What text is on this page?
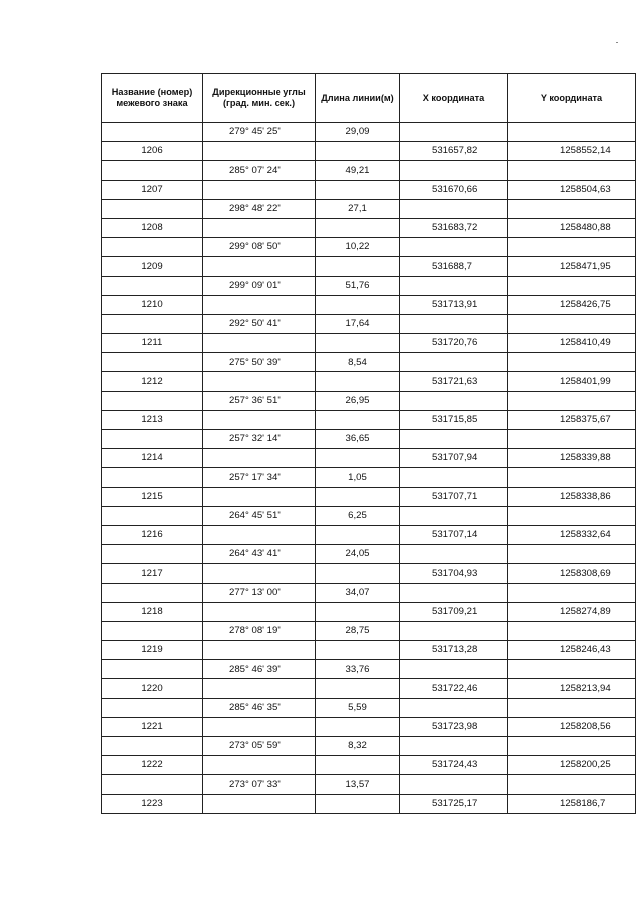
Название (номер) межевого знака	Дирекционные углы (град. мин. сек.)	Длина линии(м)	X координата	Y координата
	279° 45' 25"	29,09		
1206			531657,82	1258552,14
	285° 07' 24"	49,21		
1207			531670,66	1258504,63
	298° 48' 22"	27,1		
1208			531683,72	1258480,88
	299° 08' 50"	10,22		
1209			531688,7	1258471,95
	299° 09' 01"	51,76		
1210			531713,91	1258426,75
	292° 50' 41"	17,64		
1211			531720,76	1258410,49
	275° 50' 39"	8,54		
1212			531721,63	1258401,99
	257° 36' 51"	26,95		
1213			531715,85	1258375,67
	257° 32' 14"	36,65		
1214			531707,94	1258339,88
	257° 17' 34"	1,05		
1215			531707,71	1258338,86
	264° 45' 51"	6,25		
1216			531707,14	1258332,64
	264° 43' 41"	24,05		
1217			531704,93	1258308,69
	277° 13' 00"	34,07		
1218			531709,21	1258274,89
	278° 08' 19"	28,75		
1219			531713,28	1258246,43
	285° 46' 39"	33,76		
1220			531722,46	1258213,94
	285° 46' 35"	5,59		
1221			531723,98	1258208,56
	273° 05' 59"	8,32		
1222			531724,43	1258200,25
	273° 07' 33"	13,57		
1223			531725,17	1258186,7
